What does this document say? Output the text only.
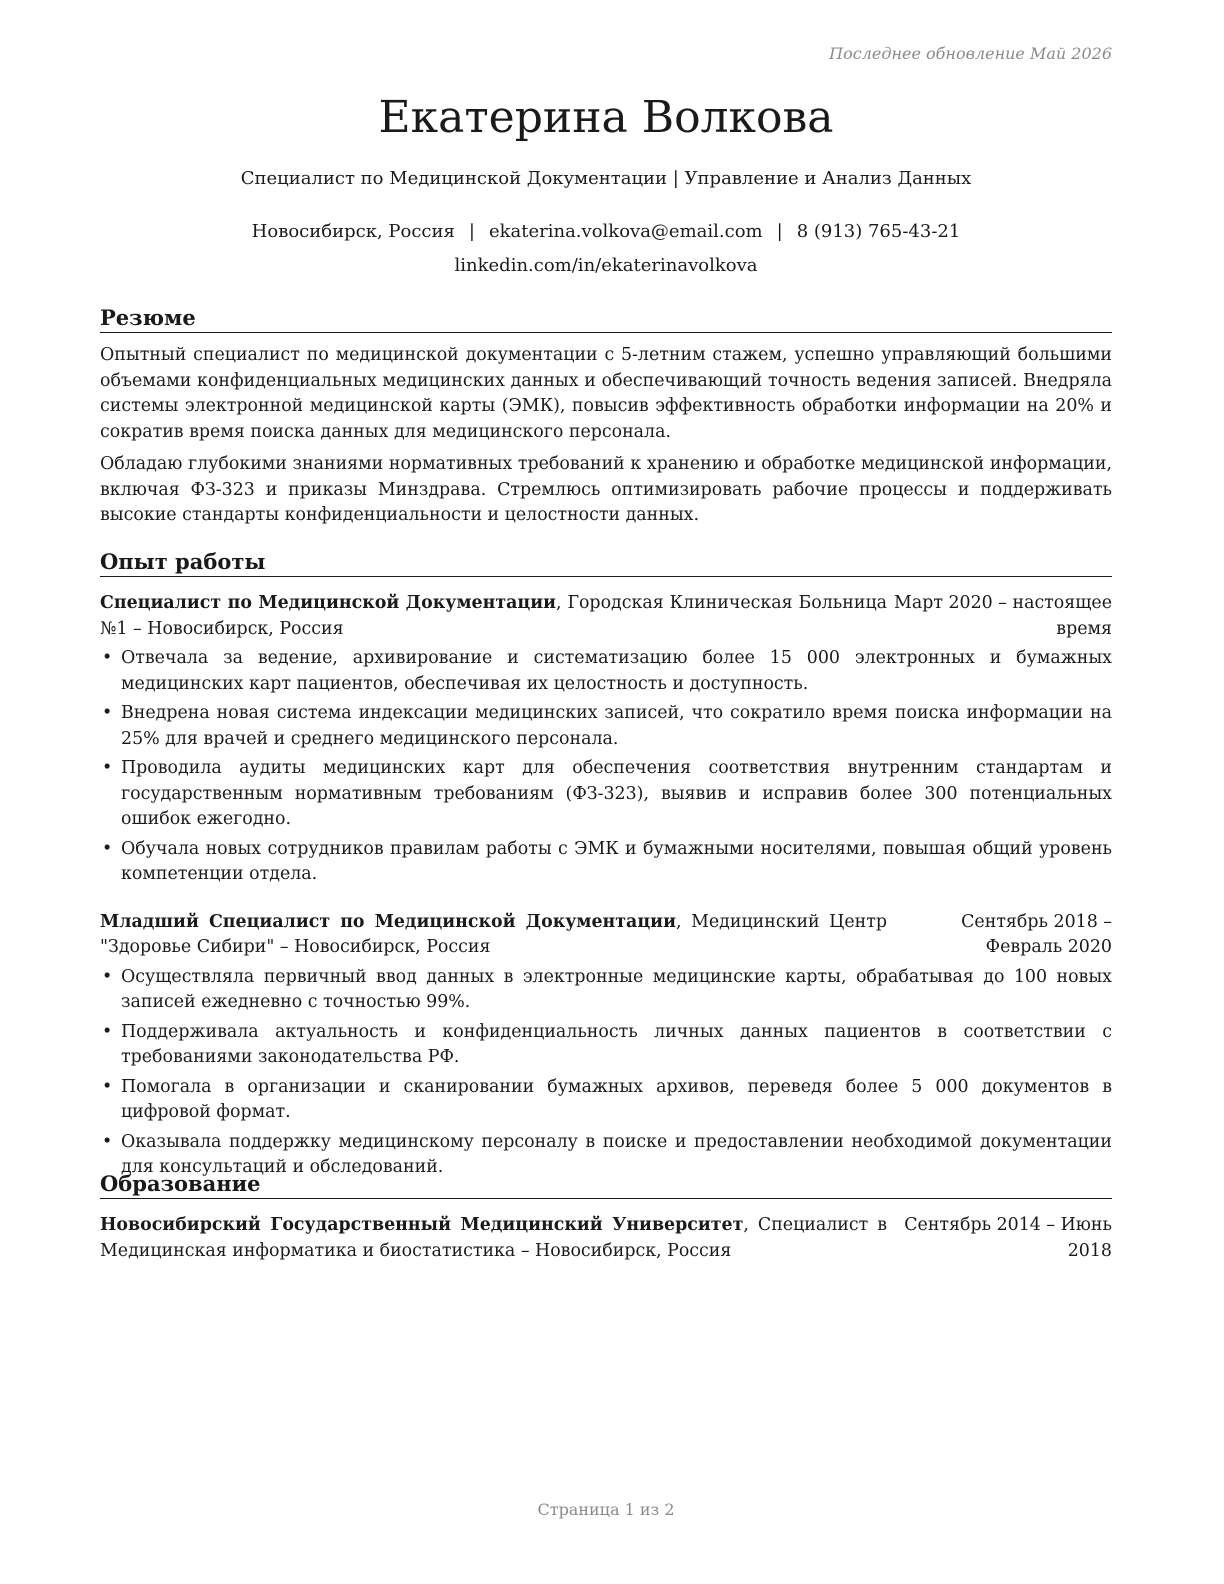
Последнее обновление Май 2026
Екатерина Волкова
Специалист по Медицинской Документации | Управление и Анализ Данных
Новосибирск, Россия | ekaterina.volkova@email.com | 8 (913) 765-43-21
linkedin.com/in/ekaterinavolkova
Резюме

Опытный специалист по медицинской документации с 5-летним стажем, успешно управляющий большими объемами конфиденциальных медицинских данных и обеспечивающий точность ведения записей. Внедряла системы электронной медицинской карты (ЭМК), повысив эффективность обработки информации на 20% и сократив время поиска данных для медицинского персонала.

Обладаю глубокими знаниями нормативных требований к хранению и обработке медицинской информации, включая ФЗ-323 и приказы Минздрава. Стремлюсь оптимизировать рабочие процессы и поддерживать высокие стандарты конфиденциальности и целостности данных.

Опыт работы
Специалист по Медицинской Документации, Городская Клиническая Больница №1 – Новосибирск, Россия
Март 2020 – настоящее время
• Отвечала за ведение, архивирование и систематизацию более 15 000 электронных и бумажных медицинских карт пациентов, обеспечивая их целостность и доступность.
• Внедрена новая система индексации медицинских записей, что сократило время поиска информации на 25% для врачей и среднего медицинского персонала.
• Проводила аудиты медицинских карт для обеспечения соответствия внутренним стандартам и государственным нормативным требованиям (ФЗ-323), выявив и исправив более 300 потенциальных ошибок ежегодно.
• Обучала новых сотрудников правилам работы с ЭМК и бумажными носителями, повышая общий уровень компетенции отдела.
Младший Специалист по Медицинской Документации, Медицинский Центр "Здоровье Сибири" – Новосибирск, Россия
Сентябрь 2018 – Февраль 2020
• Осуществляла первичный ввод данных в электронные медицинские карты, обрабатывая до 100 новых записей ежедневно с точностью 99%.
• Поддерживала актуальность и конфиденциальность личных данных пациентов в соответствии с требованиями законодательства РФ.
• Помогала в организации и сканировании бумажных архивов, переведя более 5 000 документов в цифровой формат.
• Оказывала поддержку медицинскому персоналу в поиске и предоставлении необходимой документации для консультаций и обследований.
Образование
Новосибирский Государственный Медицинский Университет, Специалист в Медицинская информатика и биостатистика – Новосибирск, Россия
Сентябрь 2014 – Июнь 2018
Страница 1 из 2
